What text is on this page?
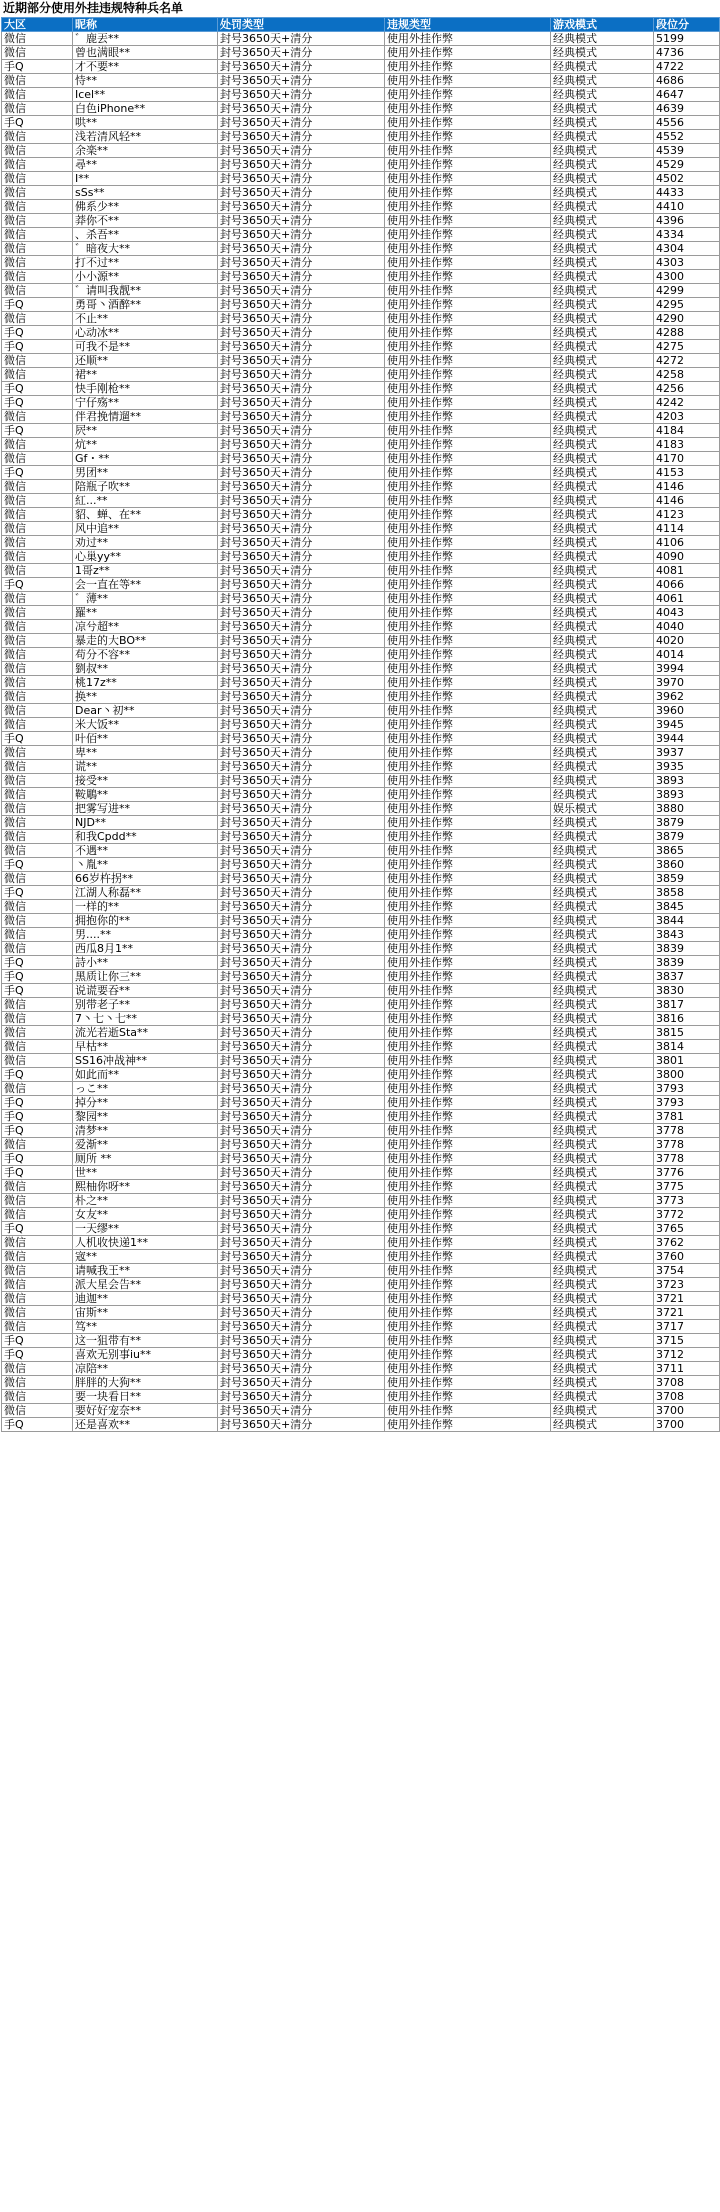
近期部分使用外挂违规特种兵名单
大区	昵称	处罚类型	违规类型	游戏模式	段位分
微信	゛鹿丟**	封号3650天+清分	使用外挂作弊	经典模式	5199
微信	曾也满眼**	封号3650天+清分	使用外挂作弊	经典模式	4736
手Q	才不要**	封号3650天+清分	使用外挂作弊	经典模式	4722
微信	恃**	封号3650天+清分	使用外挂作弊	经典模式	4686
微信	Icel**	封号3650天+清分	使用外挂作弊	经典模式	4647
微信	白色iPhone**	封号3650天+清分	使用外挂作弊	经典模式	4639
手Q	哄**	封号3650天+清分	使用外挂作弊	经典模式	4556
微信	浅若清风轻**	封号3650天+清分	使用外挂作弊	经典模式	4552
微信	余楽**	封号3650天+清分	使用外挂作弊	经典模式	4539
微信	尋**	封号3650天+清分	使用外挂作弊	经典模式	4529
微信	Ⅰ**	封号3650天+清分	使用外挂作弊	经典模式	4502
微信	sSs**	封号3650天+清分	使用外挂作弊	经典模式	4433
微信	佛系少**	封号3650天+清分	使用外挂作弊	经典模式	4410
微信	莽你不**	封号3650天+清分	使用外挂作弊	经典模式	4396
微信	、杀吾**	封号3650天+清分	使用外挂作弊	经典模式	4334
微信	゛暗夜大**	封号3650天+清分	使用外挂作弊	经典模式	4304
微信	打不过**	封号3650天+清分	使用外挂作弊	经典模式	4303
微信	小小源**	封号3650天+清分	使用外挂作弊	经典模式	4300
微信	゛请叫我靓**	封号3650天+清分	使用外挂作弊	经典模式	4299
手Q	勇哥丶酒醉**	封号3650天+清分	使用外挂作弊	经典模式	4295
微信	不止**	封号3650天+清分	使用外挂作弊	经典模式	4290
手Q	心动冰**	封号3650天+清分	使用外挂作弊	经典模式	4288
手Q	可我不是**	封号3650天+清分	使用外挂作弊	经典模式	4275
微信	还顺**	封号3650天+清分	使用外挂作弊	经典模式	4272
微信	裙**	封号3650天+清分	使用外挂作弊	经典模式	4258
手Q	快手刚枪**	封号3650天+清分	使用外挂作弊	经典模式	4256
手Q	宁仔殇**	封号3650天+清分	使用外挂作弊	经典模式	4242
微信	伴君挽情遛**	封号3650天+清分	使用外挂作弊	经典模式	4203
手Q	屄**	封号3650天+清分	使用外挂作弊	经典模式	4184
微信	炕**	封号3650天+清分	使用外挂作弊	经典模式	4183
微信	Gf・**	封号3650天+清分	使用外挂作弊	经典模式	4170
手Q	男团**	封号3650天+清分	使用外挂作弊	经典模式	4153
微信	陪瓶子吹**	封号3650天+清分	使用外挂作弊	经典模式	4146
微信	紅...**	封号3650天+清分	使用外挂作弊	经典模式	4146
微信	貂、蝉、在**	封号3650天+清分	使用外挂作弊	经典模式	4123
微信	风中追**	封号3650天+清分	使用外挂作弊	经典模式	4114
微信	劝过**	封号3650天+清分	使用外挂作弊	经典模式	4106
微信	心巢yy**	封号3650天+清分	使用外挂作弊	经典模式	4090
微信	1哥z**	封号3650天+清分	使用外挂作弊	经典模式	4081
手Q	会一直在等**	封号3650天+清分	使用外挂作弊	经典模式	4066
微信	゛薄**	封号3650天+清分	使用外挂作弊	经典模式	4061
微信	羅**	封号3650天+清分	使用外挂作弊	经典模式	4043
微信	凉兮超**	封号3650天+清分	使用外挂作弊	经典模式	4040
微信	暴走的大BO**	封号3650天+清分	使用外挂作弊	经典模式	4020
微信	苟分不容**	封号3650天+清分	使用外挂作弊	经典模式	4014
微信	劉叔**	封号3650天+清分	使用外挂作弊	经典模式	3994
微信	桃17z**	封号3650天+清分	使用外挂作弊	经典模式	3970
微信	换**	封号3650天+清分	使用外挂作弊	经典模式	3962
微信	Dear丶初**	封号3650天+清分	使用外挂作弊	经典模式	3960
微信	米大饭**	封号3650天+清分	使用外挂作弊	经典模式	3945
手Q	叶佰**	封号3650天+清分	使用外挂作弊	经典模式	3944
微信	卑**	封号3650天+清分	使用外挂作弊	经典模式	3937
微信	谎**	封号3650天+清分	使用外挂作弊	经典模式	3935
微信	接受**	封号3650天+清分	使用外挂作弊	经典模式	3893
微信	鞍鵰**	封号3650天+清分	使用外挂作弊	经典模式	3893
微信	把雾写进**	封号3650天+清分	使用外挂作弊	娱乐模式	3880
微信	NJD**	封号3650天+清分	使用外挂作弊	经典模式	3879
微信	和我Cpdd**	封号3650天+清分	使用外挂作弊	经典模式	3879
微信	不遇**	封号3650天+清分	使用外挂作弊	经典模式	3865
手Q	丶胤**	封号3650天+清分	使用外挂作弊	经典模式	3860
微信	66岁杵拐**	封号3650天+清分	使用外挂作弊	经典模式	3859
手Q	江湖人称磊**	封号3650天+清分	使用外挂作弊	经典模式	3858
微信	一样的**	封号3650天+清分	使用外挂作弊	经典模式	3845
微信	拥抱你的**	封号3650天+清分	使用外挂作弊	经典模式	3844
微信	男....**	封号3650天+清分	使用外挂作弊	经典模式	3843
微信	西瓜8月1**	封号3650天+清分	使用外挂作弊	经典模式	3839
手Q	詩小**	封号3650天+清分	使用外挂作弊	经典模式	3839
手Q	黑质让你三**	封号3650天+清分	使用外挂作弊	经典模式	3837
手Q	说谎要吞**	封号3650天+清分	使用外挂作弊	经典模式	3830
微信	别带老子**	封号3650天+清分	使用外挂作弊	经典模式	3817
微信	7丶七丶七**	封号3650天+清分	使用外挂作弊	经典模式	3816
微信	流光若逝Sta**	封号3650天+清分	使用外挂作弊	经典模式	3815
微信	早枯**	封号3650天+清分	使用外挂作弊	经典模式	3814
微信	SS16冲战神**	封号3650天+清分	使用外挂作弊	经典模式	3801
手Q	如此而**	封号3650天+清分	使用外挂作弊	经典模式	3800
微信	っこ**	封号3650天+清分	使用外挂作弊	经典模式	3793
手Q	掉分**	封号3650天+清分	使用外挂作弊	经典模式	3793
手Q	黎园**	封号3650天+清分	使用外挂作弊	经典模式	3781
手Q	清梦**	封号3650天+清分	使用外挂作弊	经典模式	3778
微信	爱渐**	封号3650天+清分	使用外挂作弊	经典模式	3778
手Q	厕所 **	封号3650天+清分	使用外挂作弊	经典模式	3778
手Q	世**	封号3650天+清分	使用外挂作弊	经典模式	3776
微信	熙柚你呀**	封号3650天+清分	使用外挂作弊	经典模式	3775
微信	朴之**	封号3650天+清分	使用外挂作弊	经典模式	3773
微信	女友**	封号3650天+清分	使用外挂作弊	经典模式	3772
手Q	一天缪**	封号3650天+清分	使用外挂作弊	经典模式	3765
微信	人机收快递1**	封号3650天+清分	使用外挂作弊	经典模式	3762
微信	宼**	封号3650天+清分	使用外挂作弊	经典模式	3760
微信	请喊我王**	封号3650天+清分	使用外挂作弊	经典模式	3754
微信	派大星会告**	封号3650天+清分	使用外挂作弊	经典模式	3723
微信	迪迦**	封号3650天+清分	使用外挂作弊	经典模式	3721
微信	宙斯**	封号3650天+清分	使用外挂作弊	经典模式	3721
微信	笃**	封号3650天+清分	使用外挂作弊	经典模式	3717
手Q	这一狙带有**	封号3650天+清分	使用外挂作弊	经典模式	3715
手Q	喜欢无别事iu**	封号3650天+清分	使用外挂作弊	经典模式	3712
微信	凉陪**	封号3650天+清分	使用外挂作弊	经典模式	3711
微信	胖胖的大狗**	封号3650天+清分	使用外挂作弊	经典模式	3708
微信	要一块看日**	封号3650天+清分	使用外挂作弊	经典模式	3708
微信	要好好宠奈**	封号3650天+清分	使用外挂作弊	经典模式	3700
手Q	还是喜欢**	封号3650天+清分	使用外挂作弊	经典模式	3700
